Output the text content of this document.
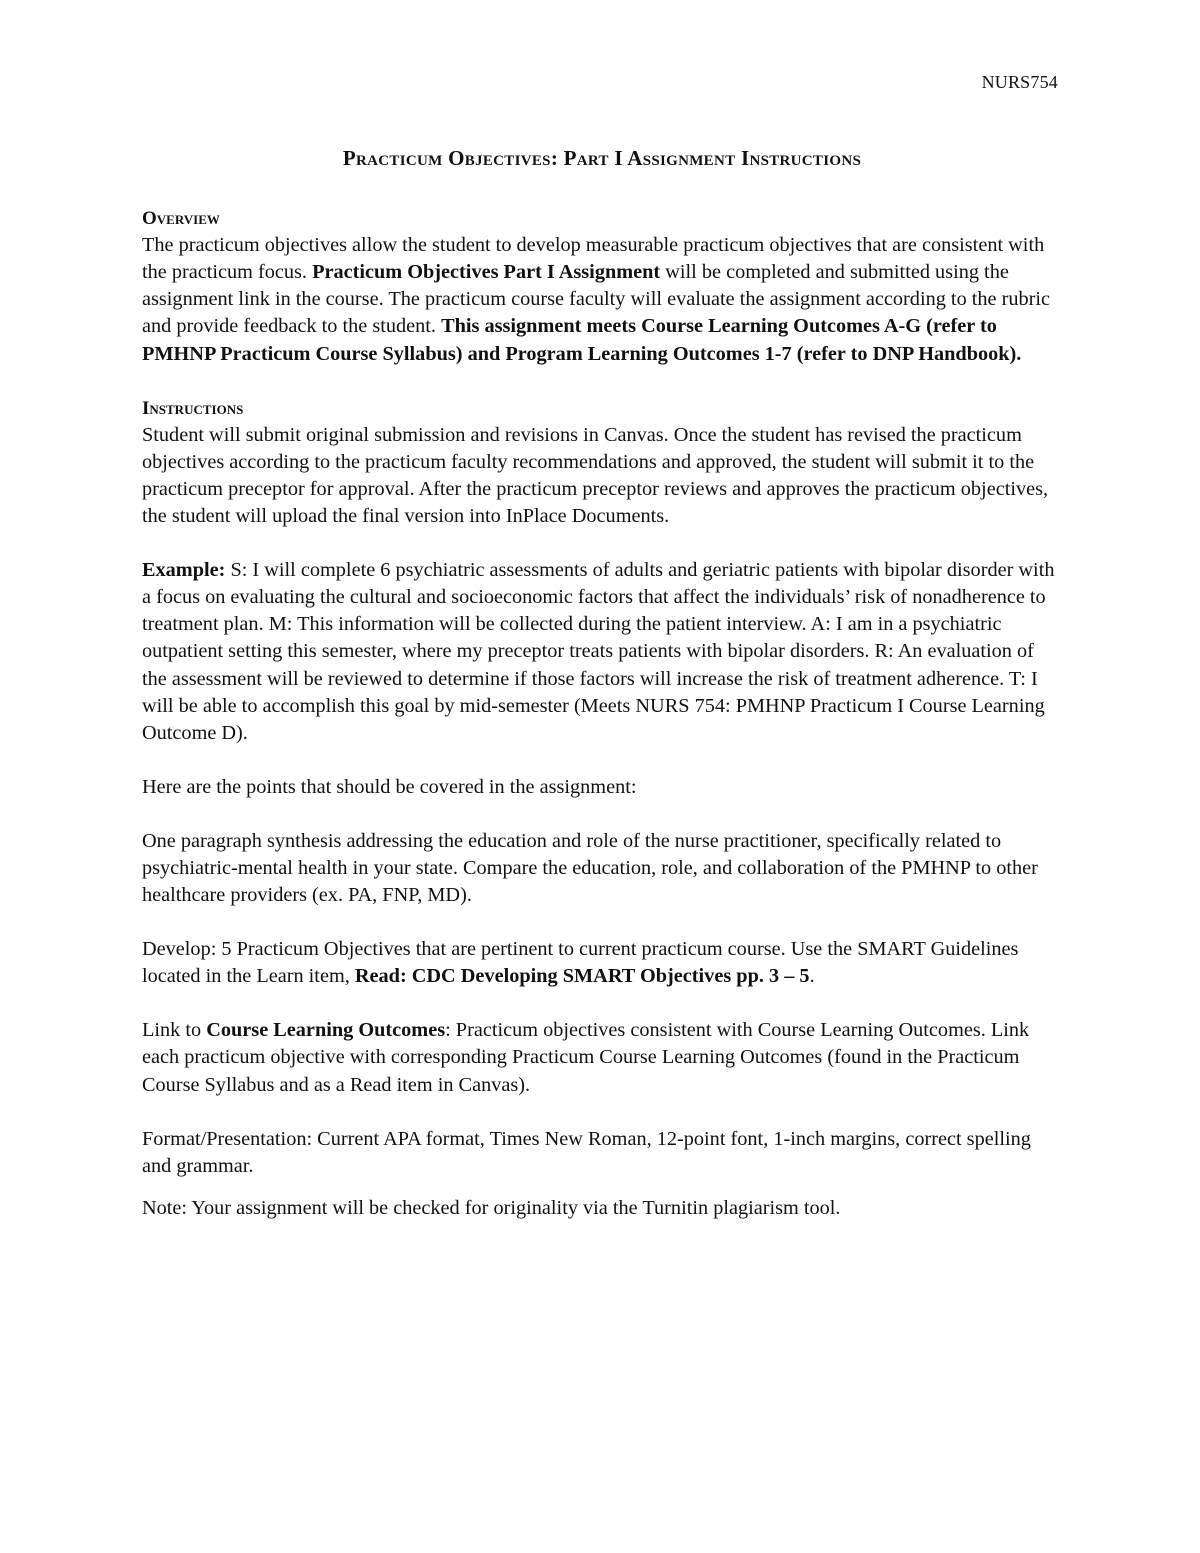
NURS754
Practicum Objectives: Part I Assignment Instructions
Overview

The practicum objectives allow the student to develop measurable practicum objectives that are consistent with the practicum focus. Practicum Objectives Part I Assignment will be completed and submitted using the assignment link in the course. The practicum course faculty will evaluate the assignment according to the rubric and provide feedback to the student. This assignment meets Course Learning Outcomes A-G (refer to PMHNP Practicum Course Syllabus) and Program Learning Outcomes 1-7 (refer to DNP Handbook).

Instructions

Student will submit original submission and revisions in Canvas. Once the student has revised the practicum objectives according to the practicum faculty recommendations and approved, the student will submit it to the practicum preceptor for approval. After the practicum preceptor reviews and approves the practicum objectives, the student will upload the final version into InPlace Documents.

Example: S: I will complete 6 psychiatric assessments of adults and geriatric patients with bipolar disorder with a focus on evaluating the cultural and socioeconomic factors that affect the individuals’ risk of nonadherence to treatment plan. M: This information will be collected during the patient interview. A: I am in a psychiatric outpatient setting this semester, where my preceptor treats patients with bipolar disorders. R: An evaluation of the assessment will be reviewed to determine if those factors will increase the risk of treatment adherence. T: I will be able to accomplish this goal by mid-semester (Meets NURS 754: PMHNP Practicum I Course Learning Outcome D).

Here are the points that should be covered in the assignment:

One paragraph synthesis addressing the education and role of the nurse practitioner, specifically related to psychiatric-mental health in your state. Compare the education, role, and collaboration of the PMHNP to other healthcare providers (ex. PA, FNP, MD).

Develop: 5 Practicum Objectives that are pertinent to current practicum course. Use the SMART Guidelines located in the Learn item, Read: CDC Developing SMART Objectives pp. 3 – 5.

Link to Course Learning Outcomes: Practicum objectives consistent with Course Learning Outcomes. Link each practicum objective with corresponding Practicum Course Learning Outcomes (found in the Practicum Course Syllabus and as a Read item in Canvas).

Format/Presentation: Current APA format, Times New Roman, 12-point font, 1-inch margins, correct spelling and grammar.

Note: Your assignment will be checked for originality via the Turnitin plagiarism tool.
